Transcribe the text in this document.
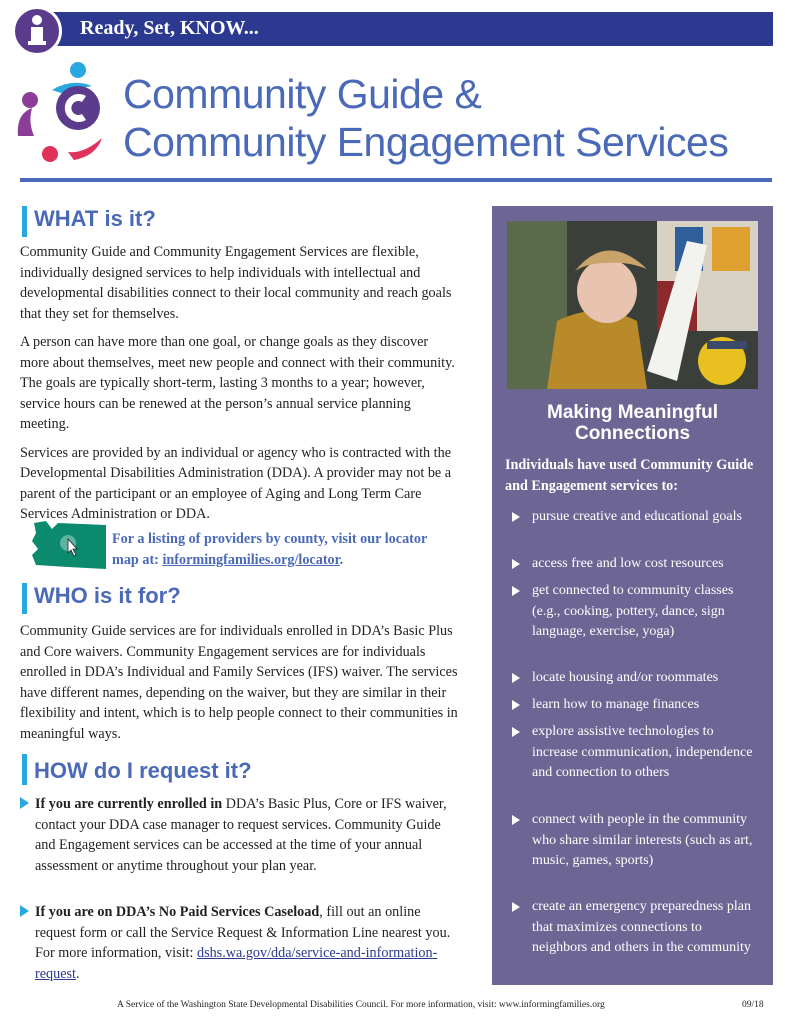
Ready, Set, KNOW...
Community Guide &
Community Engagement Services
WHAT is it?

Community Guide and Community Engagement Services are flexible, individually designed services to help individuals with intellectual and developmental disabilities connect to their local community and reach goals that they set for themselves.

A person can have more than one goal, or change goals as they discover more about themselves, meet new people and connect with their community. The goals are typically short-term, lasting 3 months to a year; however, service hours can be renewed at the person’s annual service planning meeting.

Services are provided by an individual or agency who is contracted with the Developmental Disabilities Administration (DDA). A provider may not be a parent of the participant or an employee of Aging and Long Term Care Services Administration or DDA.

For a listing of providers by county, visit our locator map at: informingfamilies.org/locator.
WHO is it for?
Community Guide services are for individuals enrolled in DDA’s Basic Plus and Core waivers. Community Engagement services are for individuals enrolled in DDA’s Individual and Family Services (IFS) waiver. The services have different names, depending on the waiver, but they are similar in their flexibility and intent, which is to help people connect to their communities in meaningful ways.
HOW do I request it?
If you are currently enrolled in DDA’s Basic Plus, Core or IFS waiver, contact your DDA case manager to request services. Community Guide and Engagement services can be accessed at the time of your annual assessment or anytime throughout your plan year.
If you are on DDA’s No Paid Services Caseload, fill out an online request form or call the Service Request & Information Line nearest you. For more information, visit: dshs.wa.gov/dda/service-and-information-request.
Making Meaningful
Connections
Individuals have used Community Guide and Engagement services to:
pursue creative and educational goals
access free and low cost resources
get connected to community classes (e.g., cooking, pottery, dance, sign language, exercise, yoga)
locate housing and/or roommates
learn how to manage finances
explore assistive technologies to increase communication, independence and connection to others
connect with people in the community who share similar interests (such as art, music, games, sports)
create an emergency preparedness plan that maximizes connections to neighbors and others in the community
A Service of the Washington State Developmental Disabilities Council. For more information, visit: www.informingfamilies.org	09/18
